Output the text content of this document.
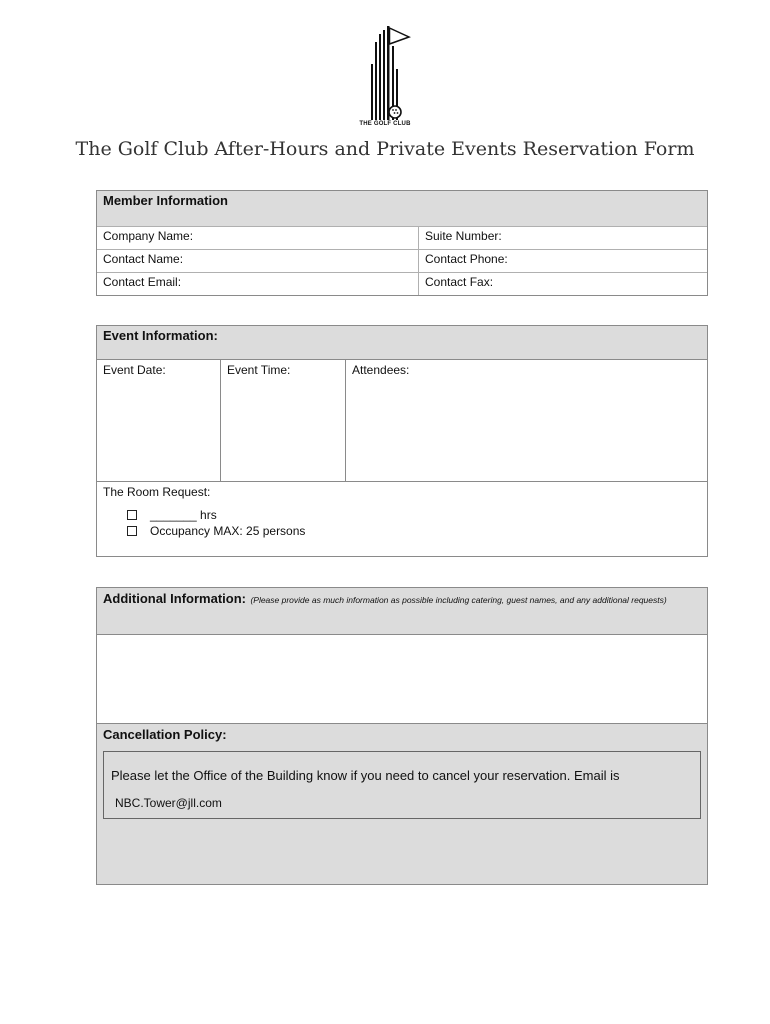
THE GOLF CLUB
The Golf Club After-Hours and Private Events Reservation Form
Member Information
Company Name:	Suite Number:
Contact Name:	Contact Phone:
Contact Email:	Contact Fax:
Event Information:
Event Date:	Event Time:	Attendees:
The Room Request:
_______ hrs
Occupancy MAX: 25 persons
Additional Information: (Please provide as much information as possible including catering, guest names, and any additional requests)
Cancellation Policy:
Please let the Office of the Building know if you need to cancel your reservation. Email is
NBC.Tower@jll.com
